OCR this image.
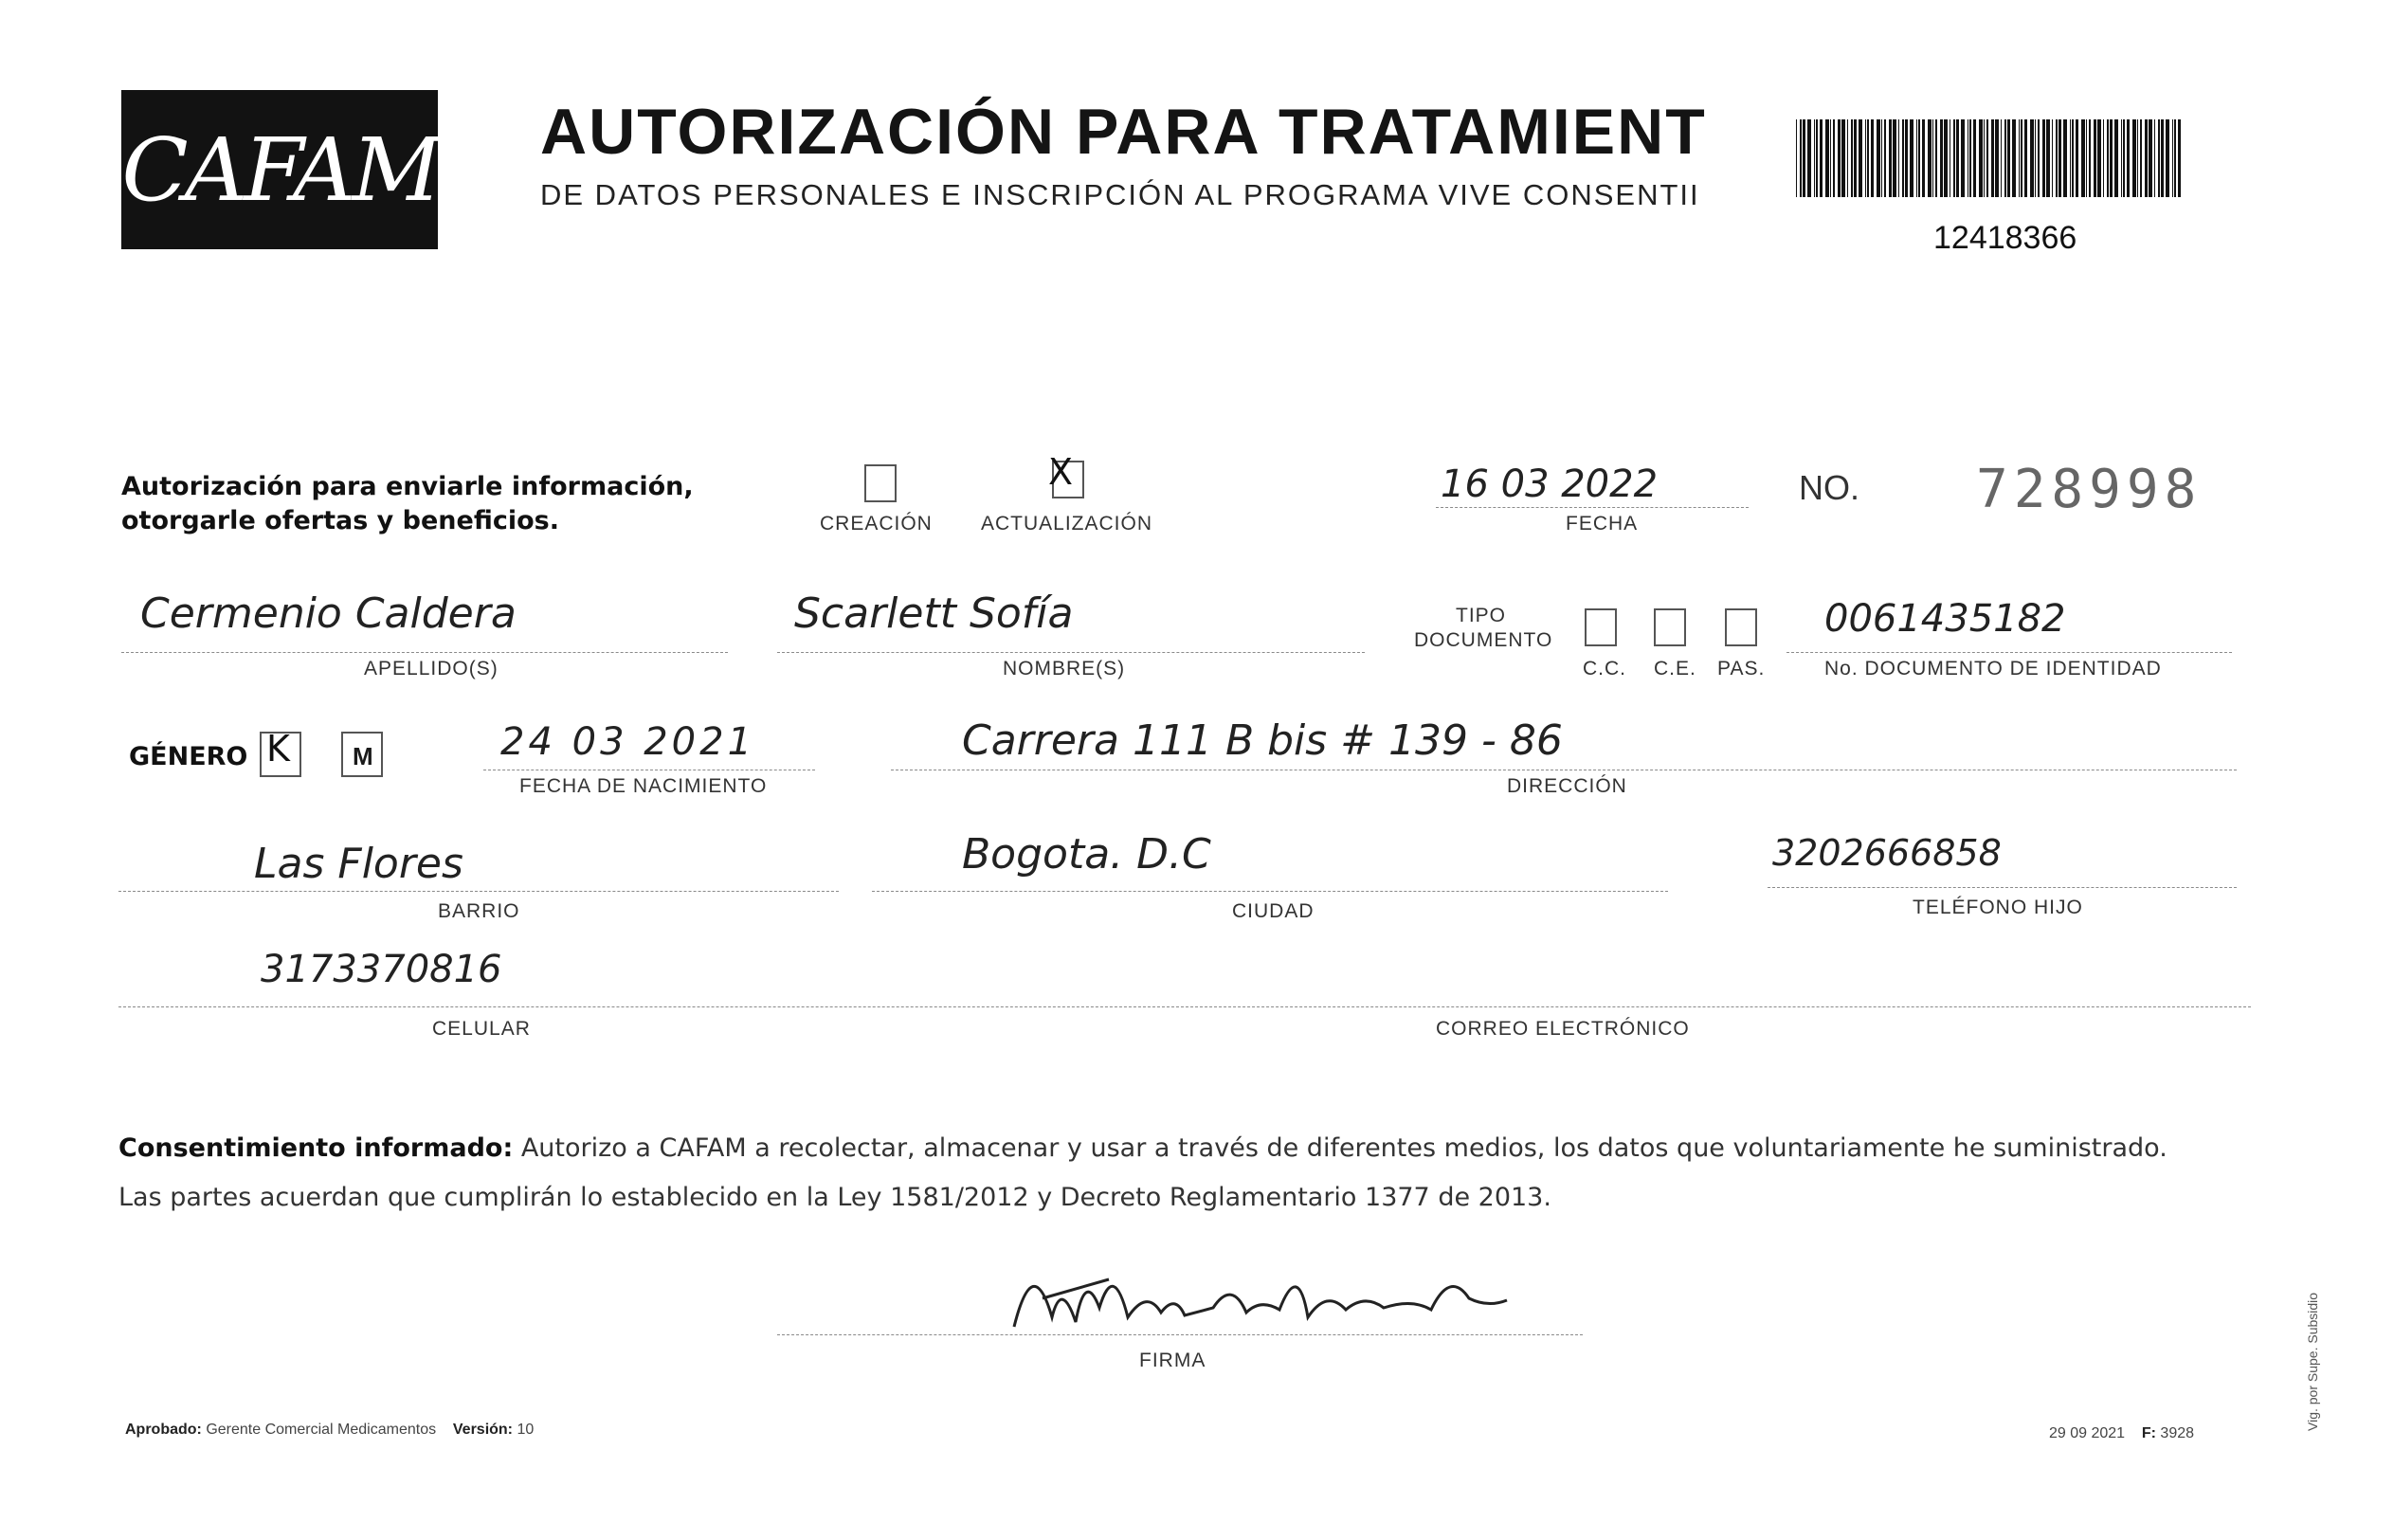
CAFAM AUTORIZACIÓN PARA TRATAMIENT
DE DATOS PERSONALES E INSCRIPCIÓN AL PROGRAMA VIVE CONSENTII
12418366
Autorización para enviarle información,
otorgarle ofertas y beneficios.	CREACIÓN
X
ACTUALIZACIÓN
16 03 2022
FECHA
NO. 728998
Cermenio Caldera
APELLIDO(S)
Scarlett Sofía
NOMBRE(S)
TIPO
DOCUMENTO
C.C. C.E. PAS.
0061435182
No. DOCUMENTO DE IDENTIDAD
GÉNERO K	M	24 03 2021
FECHA DE NACIMIENTO
Carrera 111 B bis # 139 - 86
DIRECCIÓN
Las Flores
BARRIO
Bogota. D.C
CIUDAD
3202666858
TELÉFONO HIJO
3173370816
CELULAR	CORREO ELECTRÓNICO
Consentimiento informado: Autorizo a CAFAM a recolectar, almacenar y usar a través de diferentes medios, los datos que voluntariamente he suministrado.
Las partes acuerdan que cumplirán lo establecido en la Ley 1581/2012 y Decreto Reglamentario 1377 de 2013.
FIRMA
Aprobado: Gerente Comercial Medicamentos Versión: 10	29 09 2021 F: 3928
Vig. por Supe. Subsidio
